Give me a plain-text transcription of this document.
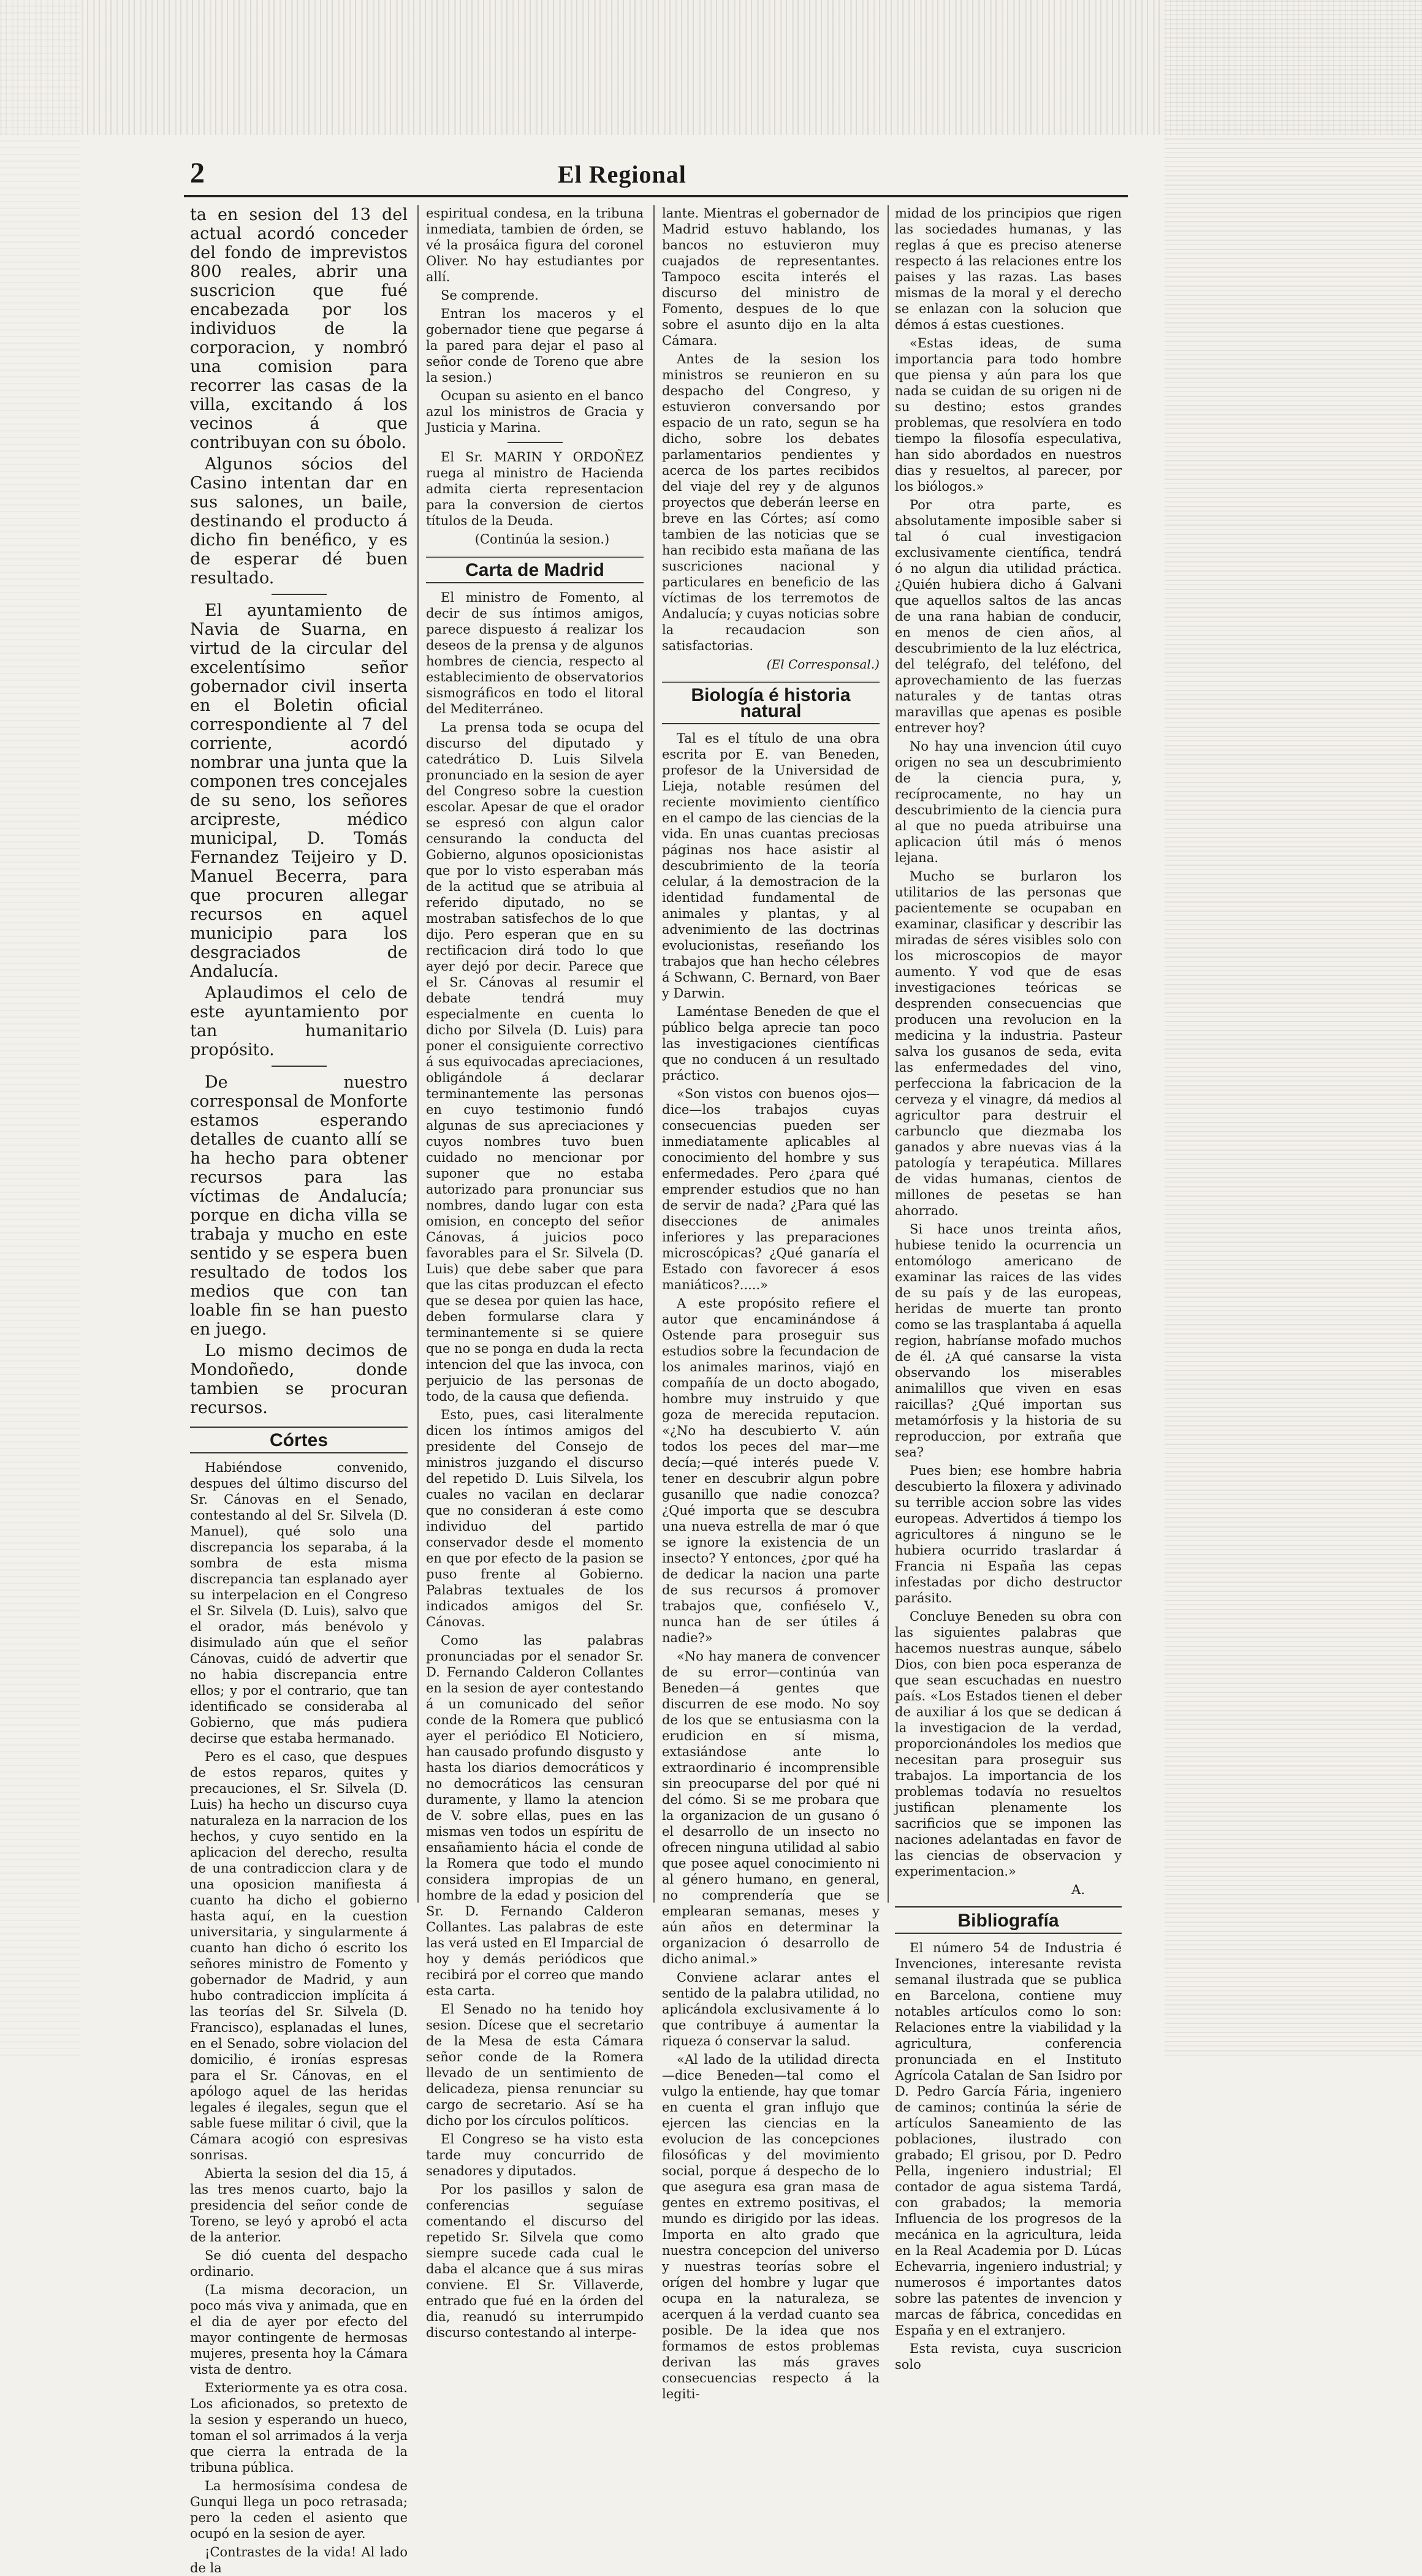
2	El Regional

ta en sesion del 13 del actual acordó conceder del fondo de imprevistos 800 reales, abrir una suscricion que fué encabezada por los individuos de la corporacion, y nombró una comision para recorrer las casas de la villa, excitando á los vecinos á que contribuyan con su óbolo.

Algunos sócios del Casino intentan dar en sus salones, un baile, destinando el producto á dicho fin benéfico, y es de esperar dé buen resultado.

El ayuntamiento de Navia de Suarna, en virtud de la circular del excelentísimo señor gobernador civil inserta en el Boletin oficial correspondiente al 7 del corriente, acordó nombrar una junta que la componen tres concejales de su seno, los señores arcipreste, médico municipal, D. Tomás Fernandez Teijeiro y D. Manuel Becerra, para que procuren allegar recursos en aquel municipio para los desgraciados de Andalucía.

Aplaudimos el celo de este ayuntamiento por tan humanitario propósito.

De nuestro corresponsal de Monforte estamos esperando detalles de cuanto allí se ha hecho para obtener recursos para las víctimas de Andalucía; porque en dicha villa se trabaja y mucho en este sentido y se espera buen resultado de todos los medios que con tan loable fin se han puesto en juego.

Lo mismo decimos de Mondoñedo, donde tambien se procuran recursos.

Córtes

Habiéndose convenido, despues del último discurso del Sr. Cánovas en el Senado, contestando al del Sr. Silvela (D. Manuel), qué solo una discrepancia los separaba, á la sombra de esta misma discrepancia tan esplanado ayer su interpelacion en el Congreso el Sr. Silvela (D. Luis), salvo que el orador, más benévolo y disimulado aún que el señor Cánovas, cuidó de advertir que no habia discrepancia entre ellos; y por el contrario, que tan identificado se consideraba al Gobierno, que más pudiera decirse que estaba hermanado.

Pero es el caso, que despues de estos reparos, quites y precauciones, el Sr. Silvela (D. Luis) ha hecho un discurso cuya naturaleza en la narracion de los hechos, y cuyo sentido en la aplicacion del derecho, resulta de una contradiccion clara y de una oposicion manifiesta á cuanto ha dicho el gobierno hasta aquí, en la cuestion universitaria, y singularmente á cuanto han dicho ó escrito los señores ministro de Fomento y gobernador de Madrid, y aun hubo contradiccion implícita á las teorías del Sr. Silvela (D. Francisco), esplanadas el lunes, en el Senado, sobre violacion del domicilio, é ironías espresas para el Sr. Cánovas, en el apólogo aquel de las heridas legales é ilegales, segun que el sable fuese militar ó civil, que la Cámara acogió con espresivas sonrisas.

Abierta la sesion del dia 15, á las tres menos cuarto, bajo la presidencia del señor conde de Toreno, se leyó y aprobó el acta de la anterior.

Se dió cuenta del despacho ordinario.

(La misma decoracion, un poco más viva y animada, que en el dia de ayer por efecto del mayor contingente de hermosas mujeres, presenta hoy la Cámara vista de dentro.

Exteriormente ya es otra cosa. Los aficionados, so pretexto de la sesion y esperando un hueco, toman el sol arrimados á la verja que cierra la entrada de la tribuna pública.

La hermosísima condesa de Gunqui llega un poco retrasada; pero la ceden el asiento que ocupó en la sesion de ayer.

¡Contrastes de la vida! Al lado de la

espiritual condesa, en la tribuna inmediata, tambien de órden, se vé la prosáica figura del coronel Oliver. No hay estudiantes por allí.

Se comprende.

Entran los maceros y el gobernador tiene que pegarse á la pared para dejar el paso al señor conde de Toreno que abre la sesion.)

Ocupan su asiento en el banco azul los ministros de Gracia y Justicia y Marina.

El Sr. MARIN Y ORDOÑEZ ruega al ministro de Hacienda admita cierta representacion para la conversion de ciertos títulos de la Deuda.

(Continúa la sesion.)

Carta de Madrid

El ministro de Fomento, al decir de sus íntimos amigos, parece dispuesto á realizar los deseos de la prensa y de algunos hombres de ciencia, respecto al establecimiento de observatorios sismográficos en todo el litoral del Mediterráneo.

La prensa toda se ocupa del discurso del diputado y catedrático D. Luis Silvela pronunciado en la sesion de ayer del Congreso sobre la cuestion escolar. Apesar de que el orador se espresó con algun calor censurando la conducta del Gobierno, algunos oposicionistas que por lo visto esperaban más de la actitud que se atribuia al referido diputado, no se mostraban satisfechos de lo que dijo. Pero esperan que en su rectificacion dirá todo lo que ayer dejó por decir. Parece que el Sr. Cánovas al resumir el debate tendrá muy especialmente en cuenta lo dicho por Silvela (D. Luis) para poner el consiguiente correctivo á sus equivocadas apreciaciones, obligándole á declarar terminantemente las personas en cuyo testimonio fundó algunas de sus apreciaciones y cuyos nombres tuvo buen cuidado no mencionar por suponer que no estaba autorizado para pronunciar sus nombres, dando lugar con esta omision, en concepto del señor Cánovas, á juicios poco favorables para el Sr. Silvela (D. Luis) que debe saber que para que las citas produzcan el efecto que se desea por quien las hace, deben formularse clara y terminantemente si se quiere que no se ponga en duda la recta intencion del que las invoca, con perjuicio de las personas de todo, de la causa que defienda.

Esto, pues, casi literalmente dicen los íntimos amigos del presidente del Consejo de ministros juzgando el discurso del repetido D. Luis Silvela, los cuales no vacilan en declarar que no consideran á este como individuo del partido conservador desde el momento en que por efecto de la pasion se puso frente al Gobierno. Palabras textuales de los indicados amigos del Sr. Cánovas.

Como las palabras pronunciadas por el senador Sr. D. Fernando Calderon Collantes en la sesion de ayer contestando á un comunicado del señor conde de la Romera que publicó ayer el periódico El Noticiero, han causado profundo disgusto y hasta los diarios democráticos y no democráticos las censuran duramente, y llamo la atencion de V. sobre ellas, pues en las mismas ven todos un espíritu de ensañamiento hácia el conde de la Romera que todo el mundo considera impropias de un hombre de la edad y posicion del Sr. D. Fernando Calderon Collantes. Las palabras de este las verá usted en El Imparcial de hoy y demás periódicos que recibirá por el correo que mando esta carta.

El Senado no ha tenido hoy sesion. Dícese que el secretario de la Mesa de esta Cámara señor conde de la Romera llevado de un sentimiento de delicadeza, piensa renunciar su cargo de secretario. Así se ha dicho por los círculos políticos.

El Congreso se ha visto esta tarde muy concurrido de senadores y diputados.

Por los pasillos y salon de conferencias seguíase comentando el discurso del repetido Sr. Silvela que como siempre sucede cada cual le daba el alcance que á sus miras convienе. El Sr. Villaverde, entrado que fué en la órden del dia, reanudó su interrumpido discurso contestando al interpe-

lante. Mientras el gobernador de Madrid estuvo hablando, los bancos no estuvieron muy cuajados de representantes. Tampoco escita interés el discurso del ministro de Fomento, despues de lo que sobre el asunto dijo en la alta Cámara.

Antes de la sesion los ministros se reunieron en su despacho del Congreso, y estuvieron conversando por espacio de un rato, segun se ha dicho, sobre los debates parlamentarios pendientes y acerca de los partes recibidos del viaje del rey y de algunos proyectos que deberán leerse en breve en las Córtes; así como tambien de las noticias que se han recibido esta mañana de las suscriciones nacional y particulares en beneficio de las víctimas de los terremotos de Andalucía; y cuyas noticias sobre la recaudacion son satisfactorias.

(El Corresponsal.)
Biología é historia natural

Tal es el título de una obra escrita por E. van Beneden, profesor de la Universidad de Lieja, notable resúmen del reciente movimiento científico en el campo de las ciencias de la vida. En unas cuantas preciosas páginas nos hace asistir al descubrimiento de la teoría celular, á la demostracion de la identidad fundamental de animales y plantas, y al advenimiento de las doctrinas evolucionistas, reseñando los trabajos que han hecho célebres á Schwann, C. Bernard, von Baer y Darwin.

Laméntase Beneden de que el público belga aprecie tan poco las investigaciones científicas que no conducen á un resultado práctico.

«Son vistos con buenos ojos—dice—los trabajos cuyas consecuencias pueden ser inmediatamente aplicables al conocimiento del hombre y sus enfermedades. Pero ¿para qué emprender estudios que no han de servir de nada? ¿Para qué las disecciones de animales inferiores y las preparaciones microscópicas? ¿Qué ganaría el Estado con favorecer á esos maniáticos?.....»

A este propósito refiere el autor que encaminándose á Ostende para proseguir sus estudios sobre la fecundacion de los animales marinos, viajó en compañía de un docto abogado, hombre muy instruido y que goza de merecida reputacion. «¿No ha descubierto V. aún todos los peces del mar—me decía;—qué interés puede V. tener en descubrir algun pobre gusanillo que nadie conozca? ¿Qué importa que se descubra una nueva estrella de mar ó que se ignore la existencia de un insecto? Y entonces, ¿por qué ha de dedicar la nacion una parte de sus recursos á promover trabajos que, confiéselo V., nunca han de ser útiles á nadie?»

«No hay manera de convencer de su error—continúa van Beneden—á gentes que discurren de ese modo. No soy de los que se entusiasma con la erudicion en sí misma, extasiándose ante lo extraordinario é incomprensible sin preocuparse del por qué ni del cómo. Si se me probara que la organizacion de un gusano ó el desarrollo de un insecto no ofrecen ninguna utilidad al sabio que posee aquel conocimiento ni al género humano, en general, no comprendería que se emplearan semanas, meses y aún años en determinar la organizacion ó desarrollo de dicho animal.»

Conviene aclarar antes el sentido de la palabra utilidad, no aplicándola exclusivamente á lo que contribuye á aumentar la riqueza ó conservar la salud.

«Al lado de la utilidad directa—dice Beneden—tal como el vulgo la entiende, hay que tomar en cuenta el gran influjo que ejercen las ciencias en la evolucion de las concepciones filosóficas y del movimiento social, porque á despecho de lo que asegura esa gran masa de gentes en extremo positivas, el mundo es dirigido por las ideas. Importa en alto grado que nuestra concepcion del universo y nuestras teorías sobre el orígen del hombre y lugar que ocupa en la naturaleza, se acerquen á la verdad cuanto sea posible. De la idea que nos formamos de estos problemas derivan las más graves consecuencias respecto á la legiti-

midad de los principios que rigen las sociedades humanas, y las reglas á que es preciso atenerse respecto á las relaciones entre los paises y las razas. Las bases mismas de la moral y el derecho se enlazan con la solucion que démos á estas cuestiones.

«Estas ideas, de suma importancia para todo hombre que piensa y aún para los que nada se cuidan de su origen ni de su destino; estos grandes problemas, que resolvíera en todo tiempo la filosofía especulativa, han sido abordados en nuestros dias y resueltos, al parecer, por los biólogos.»

Por otra parte, es absolutamente imposible saber si tal ó cual investigacion exclusivamente científica, tendrá ó no algun dia utilidad práctica. ¿Quién hubiera dicho á Galvani que aquellos saltos de las ancas de una rana habian de conducir, en menos de cien años, al descubrimiento de la luz eléctrica, del telégrafo, del teléfono, del aprovechamiento de las fuerzas naturales y de tantas otras maravillas que apenas es posible entrever hoy?

No hay una invencion útil cuyo origen no sea un descubrimiento de la ciencia pura, y, recíprocamente, no hay un descubrimiento de la ciencia pura al que no pueda atribuirse una aplicacion útil más ó menos lejana.

Mucho se burlaron los utilitarios de las personas que pacientemente se ocupaban en examinar, clasificar y describir las miradas de séres visibles solo con los microscopios de mayor aumento. Y vod que de esas investigaciones teóricas se desprenden consecuencias que producen una revolucion en la medicina y la industria. Pasteur salva los gusanos de seda, evita las enfermedades del vino, perfecciona la fabricacion de la cerveza y el vinagre, dá medios al agricultor para destruir el carbunclo que diezmaba los ganados y abre nuevas vias á la patología y terapéutica. Millares de vidas humanas, cientos de millones de pesetas se han ahorrado.

Si hace unos treinta años, hubiese tenido la ocurrencia un entomólogo americano de examinar las raices de las vides de su país y de las europeas, heridas de muerte tan pronto como se las trasplantaba á aquella region, habríanse mofado muchos de él. ¿A qué cansarse la vista observando los miserables animalillos que viven en esas raicillas? ¿Qué importan sus metamórfosis y la historia de su reproduccion, por extraña que sea?

Pues bien; ese hombre habria descubierto la filoxera y adivinado su terrible accion sobre las vides europeas. Advertidos á tiempo los agricultores á ninguno se le hubiera ocurrido traslardar á Francia ni España las cepas infestadas por dicho destructor parásito.

Concluye Beneden su obra con las siguientes palabras que hacemos nuestras aunque, sábelo Dios, con bien poca esperanza de que sean escuchadas en nuestro país. «Los Estados tienen el deber de auxiliar á los que se dedican á la investigacion de la verdad, proporcionándoles los medios que necesitan para proseguir sus trabajos. La importancia de los problemas todavía no resueltos justifican plenamente los sacrificios que se imponen las naciones adelantadas en favor de las ciencias de observacion y experimentacion.»

A.
Bibliografía

El número 54 de Industria é Invenciones, interesante revista semanal ilustrada que se publica en Barcelona, contiene muy notables artículos como lo son: Relaciones entre la viabilidad y la agricultura, conferencia pronunciada en el Instituto Agrícola Catalan de San Isidro por D. Pedro García Fária, ingeniero de caminos; continúa la série de artículos Saneamiento de las poblaciones, ilustrado con grabado; El grisou, por D. Pedro Pella, ingeniero industrial; El contador de agua sistema Tardá, con grabados; la memoria Influencia de los progresos de la mecánica en la agricultura, leida en la Real Academia por D. Lúcas Echevarria, ingeniero industrial; y numerosos é importantes datos sobre las patentes de invencion y marcas de fábrica, concedidas en España y en el extranjero.

Esta revista, cuya suscricion solo
